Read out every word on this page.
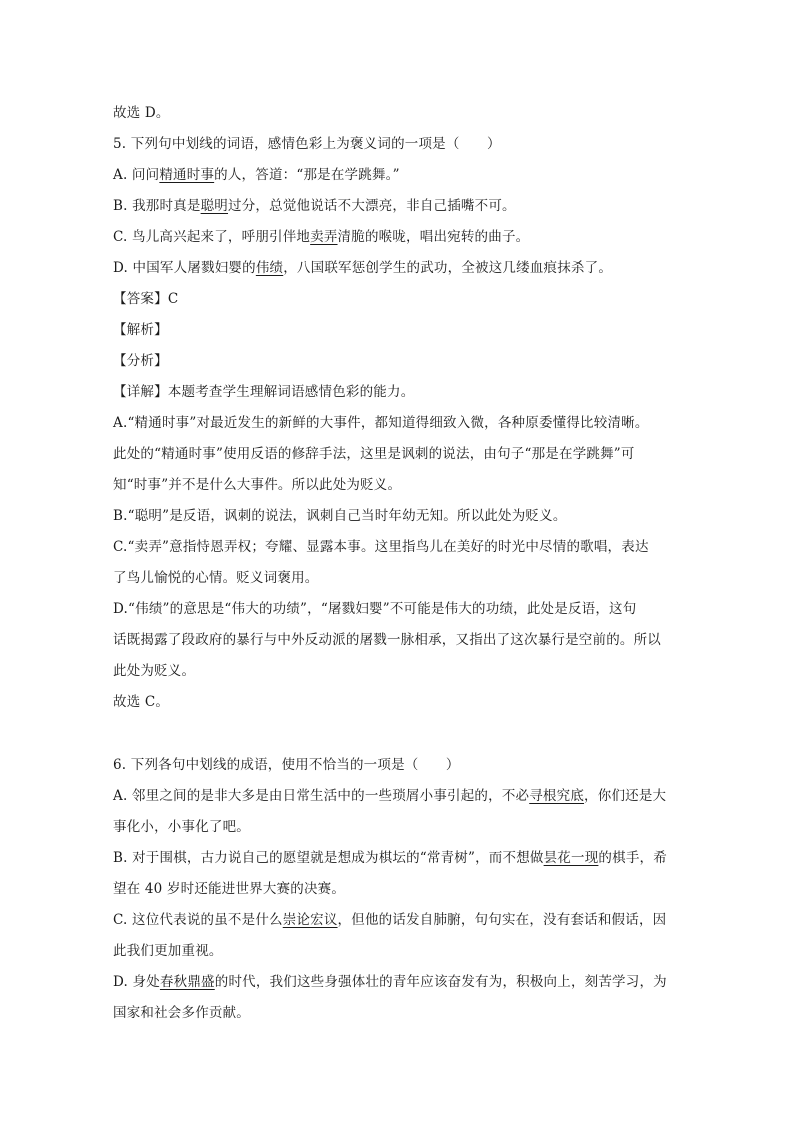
故选 D。
5. 下列句中划线的词语，感情色彩上为褒义词的一项是（　　）
A. 问问精通时事的人，答道：“那是在学跳舞。”
B. 我那时真是聪明过分，总觉他说话不大漂亮，非自己插嘴不可。
C. 鸟儿高兴起来了，呼朋引伴地卖弄清脆的喉咙，唱出宛转的曲子。
D. 中国军人屠戮妇婴的伟绩，八国联军惩创学生的武功，全被这几缕血痕抹杀了。
【答案】C
【解析】
【分析】
【详解】本题考查学生理解词语感情色彩的能力。
A.“精通时事”对最近发生的新鲜的大事件，都知道得细致入微，各种原委懂得比较清晰。
此处的“精通时事”使用反语的修辞手法，这里是讽刺的说法，由句子“那是在学跳舞”可
知“时事”并不是什么大事件。所以此处为贬义。
B.“聪明”是反语，讽刺的说法，讽刺自己当时年幼无知。所以此处为贬义。
C.“卖弄”意指恃恩弄权；夸耀、显露本事。这里指鸟儿在美好的时光中尽情的歌唱，表达
了鸟儿愉悦的心情。贬义词褒用。
D.“伟绩”的意思是“伟大的功绩”，“屠戮妇婴”不可能是伟大的功绩，此处是反语，这句
话既揭露了段政府的暴行与中外反动派的屠戮一脉相承，又指出了这次暴行是空前的。所以
此处为贬义。
故选 C。
6. 下列各句中划线的成语，使用不恰当的一项是（　　）
A. 邻里之间的是非大多是由日常生活中的一些琐屑小事引起的，不必寻根究底，你们还是大
事化小，小事化了吧。
B. 对于围棋，古力说自己的愿望就是想成为棋坛的“常青树”，而不想做昙花一现的棋手，希
望在 40 岁时还能进世界大赛的决赛。
C. 这位代表说的虽不是什么崇论宏议，但他的话发自肺腑，句句实在，没有套话和假话，因
此我们更加重视。
D. 身处春秋鼎盛的时代，我们这些身强体壮的青年应该奋发有为，积极向上，刻苦学习，为
国家和社会多作贡献。
